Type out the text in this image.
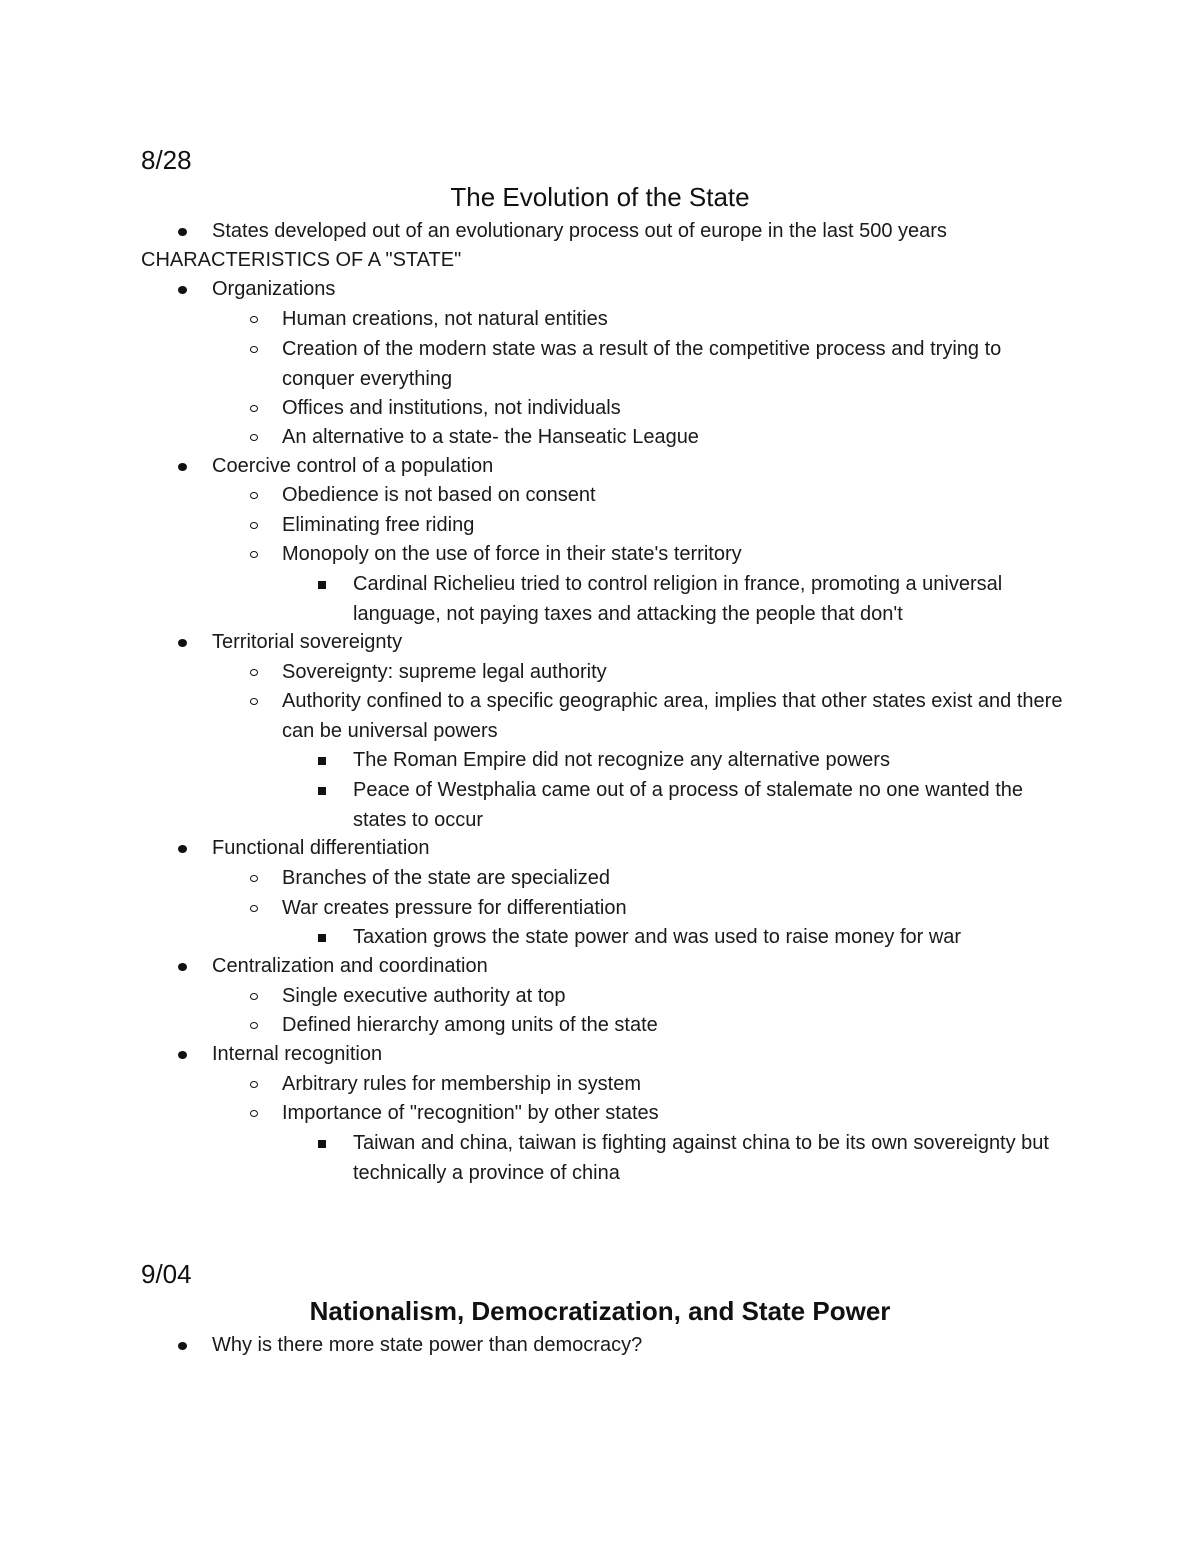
8/28
The Evolution of the State
States developed out of an evolutionary process out of europe in the last 500 years
CHARACTERISTICS OF A "STATE"
Organizations
Human creations, not natural entities
Creation of the modern state was a result of the competitive process and trying to conquer everything
Offices and institutions, not individuals
An alternative to a state- the Hanseatic League
Coercive control of a population
Obedience is not based on consent
Eliminating free riding
Monopoly on the use of force in their state's territory
Cardinal Richelieu tried to control religion in france, promoting a universal language, not paying taxes and attacking the people that don't
Territorial sovereignty
Sovereignty: supreme legal authority
Authority confined to a specific geographic area, implies that other states exist and there can be universal powers
The Roman Empire did not recognize any alternative powers
Peace of Westphalia came out of a process of stalemate no one wanted the states to occur
Functional differentiation
Branches of the state are specialized
War creates pressure for differentiation
Taxation grows the state power and was used to raise money for war
Centralization and coordination
Single executive authority at top
Defined hierarchy among units of the state
Internal recognition
Arbitrary rules for membership in system
Importance of "recognition" by other states
Taiwan and china, taiwan is fighting against china to be its own sovereignty but technically a province of china
9/04
Nationalism, Democratization, and State Power
Why is there more state power than democracy?
